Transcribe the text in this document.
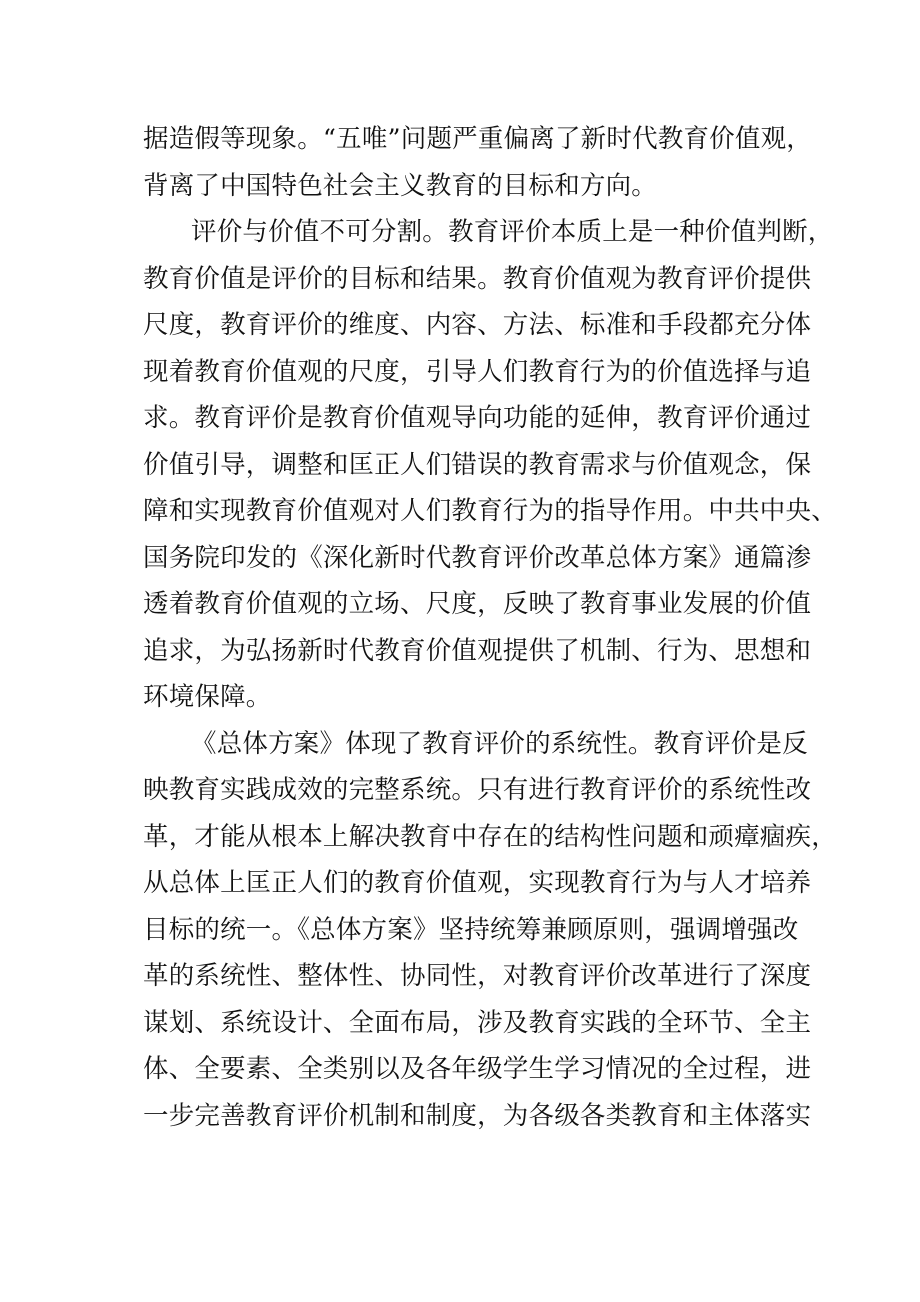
据造假等现象。“五唯”问题严重偏离了新时代教育价值观，
背离了中国特色社会主义教育的目标和方向。
评价与价值不可分割。教育评价本质上是一种价值判断，
教育价值是评价的目标和结果。教育价值观为教育评价提供
尺度，教育评价的维度、内容、方法、标准和手段都充分体
现着教育价值观的尺度，引导人们教育行为的价值选择与追
求。教育评价是教育价值观导向功能的延伸，教育评价通过
价值引导，调整和匡正人们错误的教育需求与价值观念，保
障和实现教育价值观对人们教育行为的指导作用。中共中央、
国务院印发的《深化新时代教育评价改革总体方案》通篇渗
透着教育价值观的立场、尺度，反映了教育事业发展的价值
追求，为弘扬新时代教育价值观提供了机制、行为、思想和
环境保障。
《总体方案》体现了教育评价的系统性。教育评价是反
映教育实践成效的完整系统。只有进行教育评价的系统性改
革，才能从根本上解决教育中存在的结构性问题和顽瘴痼疾，
从总体上匡正人们的教育价值观，实现教育行为与人才培养
目标的统一。《总体方案》坚持统筹兼顾原则，强调增强改
革的系统性、整体性、协同性，对教育评价改革进行了深度
谋划、系统设计、全面布局，涉及教育实践的全环节、全主
体、全要素、全类别以及各年级学生学习情况的全过程，进
一步完善教育评价机制和制度，为各级各类教育和主体落实
